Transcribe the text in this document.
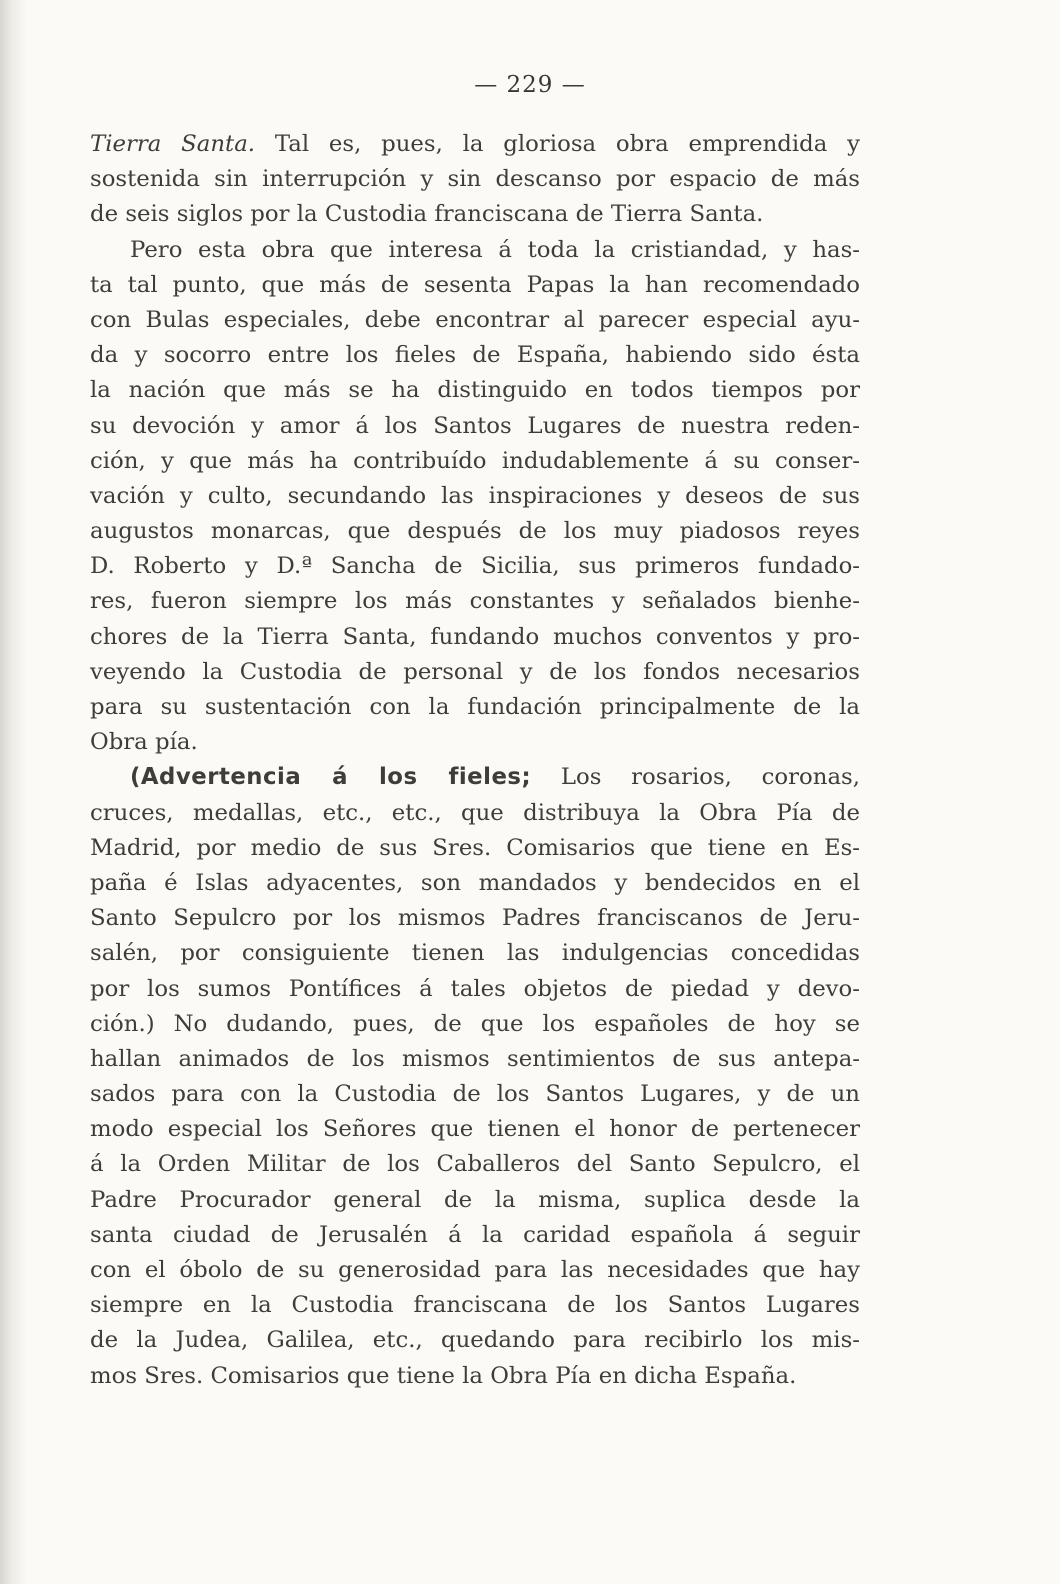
— 229 —
Tierra Santa. Tal es, pues, la gloriosa obra emprendida y
sostenida sin interrupción y sin descanso por espacio de más
de seis siglos por la Custodia franciscana de Tierra Santa.
Pero esta obra que interesa á toda la cristiandad, y has-
ta tal punto, que más de sesenta Papas la han recomendado
con Bulas especiales, debe encontrar al parecer especial ayu-
da y socorro entre los fieles de España, habiendo sido ésta
la nación que más se ha distinguido en todos tiempos por
su devoción y amor á los Santos Lugares de nuestra reden-
ción, y que más ha contribuído indudablemente á su conser-
vación y culto, secundando las inspiraciones y deseos de sus
augustos monarcas, que después de los muy piadosos reyes
D. Roberto y D.ª Sancha de Sicilia, sus primeros fundado-
res, fueron siempre los más constantes y señalados bienhe-
chores de la Tierra Santa, fundando muchos conventos y pro-
veyendo la Custodia de personal y de los fondos necesarios
para su sustentación con la fundación principalmente de la
Obra pía.
(Advertencia á los fieles; Los rosarios, coronas,
cruces, medallas, etc., etc., que distribuya la Obra Pía de
Madrid, por medio de sus Sres. Comisarios que tiene en Es-
paña é Islas adyacentes, son mandados y bendecidos en el
Santo Sepulcro por los mismos Padres franciscanos de Jeru-
salén, por consiguiente tienen las indulgencias concedidas
por los sumos Pontífices á tales objetos de piedad y devo-
ción.) No dudando, pues, de que los españoles de hoy se
hallan animados de los mismos sentimientos de sus antepa-
sados para con la Custodia de los Santos Lugares, y de un
modo especial los Señores que tienen el honor de pertenecer
á la Orden Militar de los Caballeros del Santo Sepulcro, el
Padre Procurador general de la misma, suplica desde la
santa ciudad de Jerusalén á la caridad española á seguir
con el óbolo de su generosidad para las necesidades que hay
siempre en la Custodia franciscana de los Santos Lugares
de la Judea, Galilea, etc., quedando para recibirlo los mis-
mos Sres. Comisarios que tiene la Obra Pía en dicha España.
